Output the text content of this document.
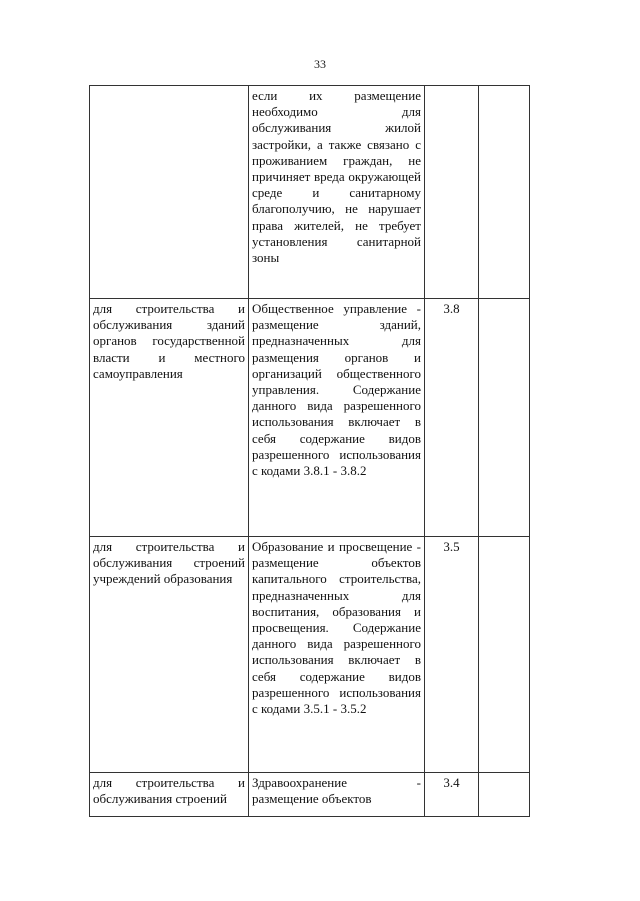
33
	если их размещение необходимо для обслуживания жилой застройки, а также связано с проживанием граждан, не причиняет вреда окружающей среде и санитарному благополучию, не нарушает права жителей, не требует установления санитарной зоны		
для строительства и обслуживания зданий органов государственной власти и местного самоуправления	Общественное управление - размещение зданий, предназначенных для размещения органов и организаций общественного управления. Содержание данного вида разрешенного использования включает в себя содержание видов разрешенного использования с кодами 3.8.1 - 3.8.2	3.8	
для строительства и обслуживания строений учреждений образования	Образование и просвещение - размещение объектов капитального строительства, предназначенных для воспитания, образования и просвещения. Содержание данного вида разрешенного использования включает в себя содержание видов разрешенного использования с кодами 3.5.1 - 3.5.2	3.5	
для строительства и обслуживания строений	Здравоохранение - размещение объектов	3.4	
